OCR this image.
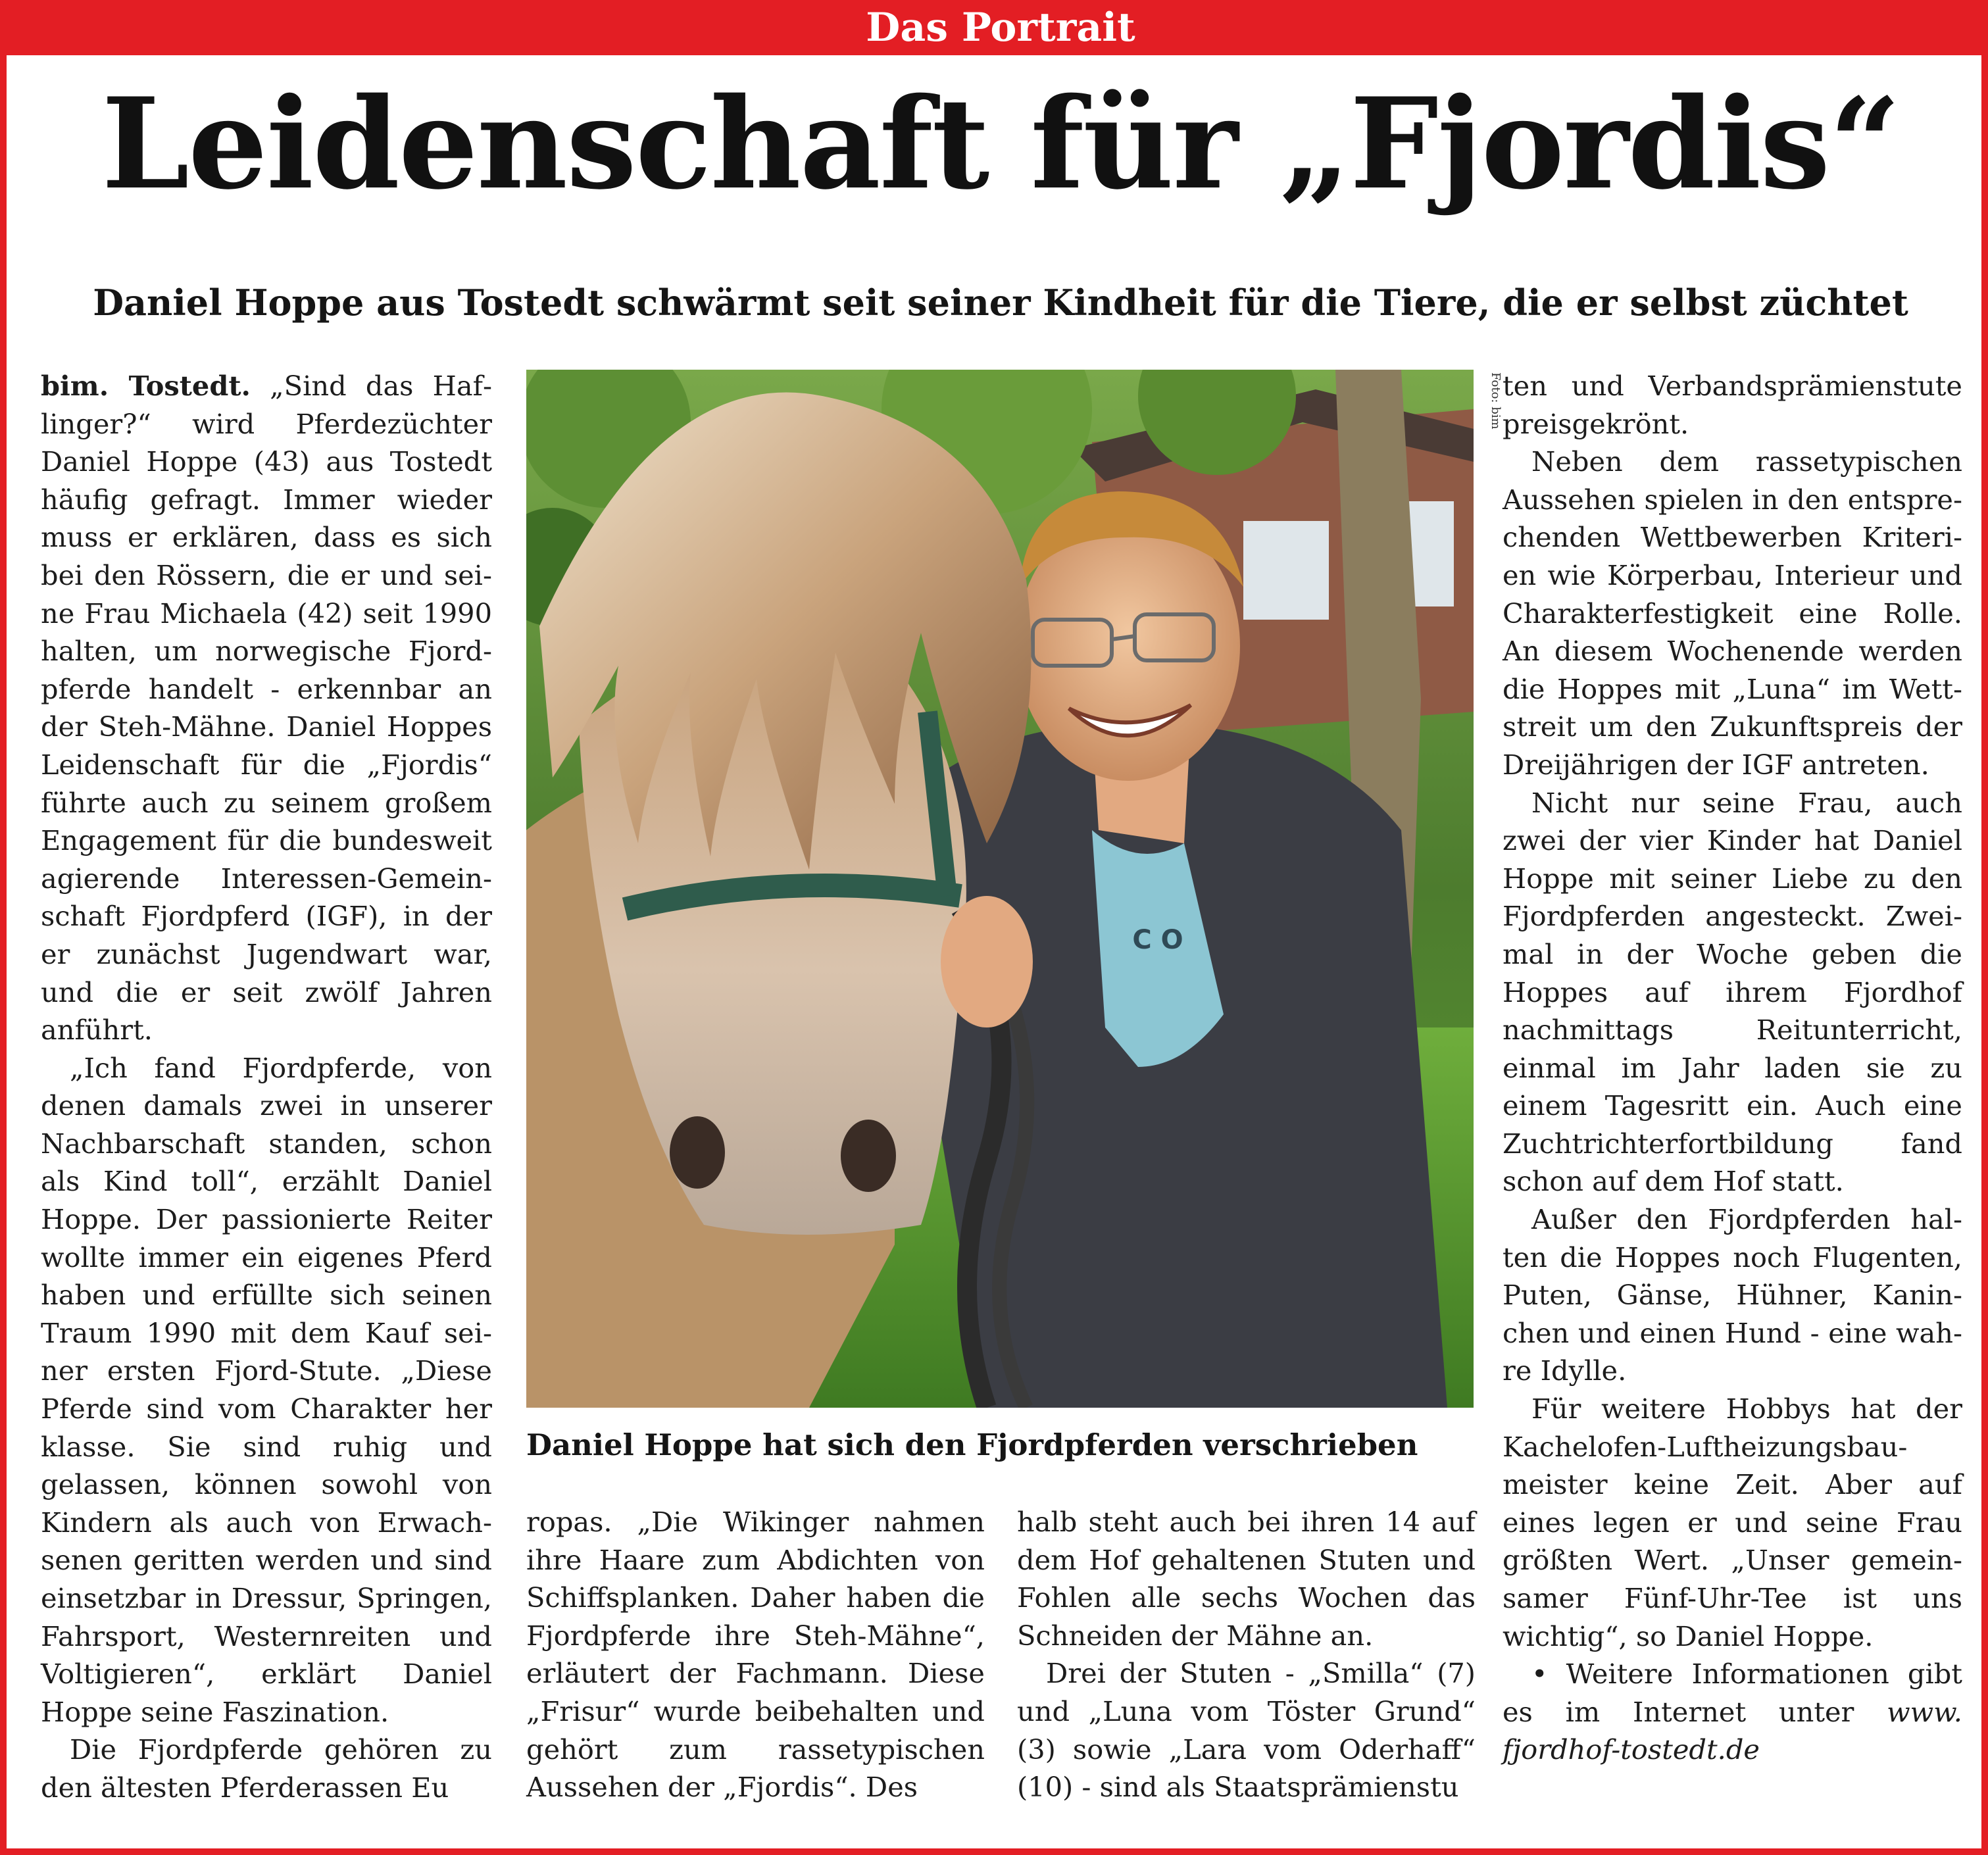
Das Portrait
Leidenschaft für „Fjordis“
Daniel Hoppe aus Tostedt schwärmt seit seiner Kindheit für die Tiere, die er selbst züchtet

bim. Tostedt. „Sind das Haflinger?“ wird Pferdezüchter Daniel Hoppe (43) aus Tostedt häufig gefragt. Immer wieder muss er erklären, dass es sich bei den Rössern, die er und seine Frau Michaela (42) seit 1990 halten, um norwegische Fjordpferde handelt - erkennbar an der Steh-Mähne. Daniel Hoppes Leidenschaft für die „Fjordis“ führte auch zu seinem großem Engagement für die bundesweit agierende Interessen-Gemeinschaft Fjordpferd (IGF), in der er zunächst Jugendwart war, und die er seit zwölf Jahren anführt.

„Ich fand Fjordpferde, von denen damals zwei in unserer Nachbarschaft standen, schon als Kind toll“, erzählt Daniel Hoppe. Der passionierte Reiter wollte immer ein eigenes Pferd haben und erfüllte sich seinen Traum 1990 mit dem Kauf seiner ersten Fjord-Stute. „Diese Pferde sind vom Charakter her klasse. Sie sind ruhig und gelassen, können sowohl von Kindern als auch von Erwachsenen geritten werden und sind einsetzbar in Dressur, Springen, Fahrsport, Westernreiten und Voltigieren“, erklärt Daniel Hoppe seine Faszination.

Die Fjordpferde gehören zu den ältesten Pferderassen Eu

C O
Foto: bim
Daniel Hoppe hat sich den Fjordpferden verschrieben

ropas. „Die Wikinger nahmen ihre Haare zum Abdichten von Schiffsplanken. Daher haben die Fjordpferde ihre Steh-Mähne“, erläutert der Fachmann. Diese „Frisur“ wurde beibehalten und gehört zum rassetypischen Aussehen der „Fjordis“. Des

halb steht auch bei ihren 14 auf dem Hof gehaltenen Stuten und Fohlen alle sechs Wochen das Schneiden der Mähne an.

Drei der Stuten - „Smilla“ (7) und „Luna vom Töster Grund“ (3) sowie „Lara vom Oderhaff“ (10) - sind als Staatsprämienstu

ten und Verbandsprämienstute preisgekrönt.

Neben dem rassetypischen Aussehen spielen in den entsprechenden Wettbewerben Kriterien wie Körperbau, Interieur und Charakterfestigkeit eine Rolle. An diesem Wochenende werden die Hoppes mit „Luna“ im Wettstreit um den Zukunftspreis der Dreijährigen der IGF antreten.

Nicht nur seine Frau, auch zwei der vier Kinder hat Daniel Hoppe mit seiner Liebe zu den Fjordpferden angesteckt. Zweimal in der Woche geben die Hoppes auf ihrem Fjordhof nachmittags Reitunterricht, einmal im Jahr laden sie zu einem Tagesritt ein. Auch eine Zuchtrichterfortbildung fand schon auf dem Hof statt.

Außer den Fjordpferden halten die Hoppes noch Flugenten, Puten, Gänse, Hühner, Kaninchen und einen Hund - eine wahre Idylle.

Für weitere Hobbys hat der Kachelofen-Luftheizungsbaumeister keine Zeit. Aber auf eines legen er und seine Frau größten Wert. „Unser gemeinsamer Fünf-Uhr-Tee ist uns wichtig“, so Daniel Hoppe.

• Weitere Informationen gibt es im Internet unter www. fjordhof-tostedt.de
